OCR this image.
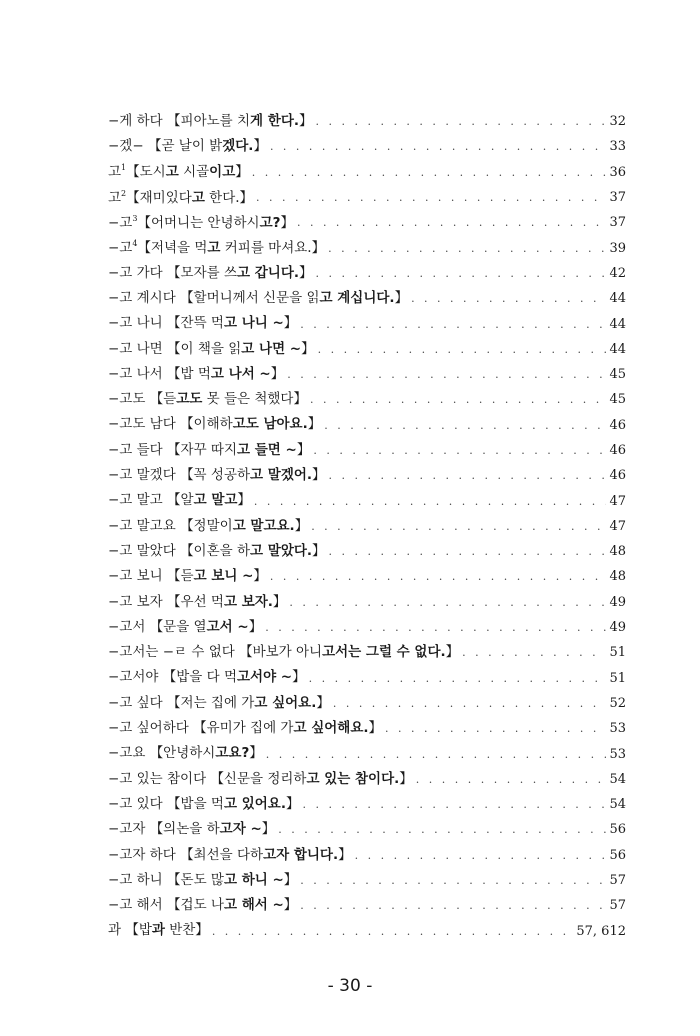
−게 하다 【피아노를 치게 한다.】 . . .	32
−겠− 【곧 날이 밝겠다.】 . . .	33
고$^1$【도시고 시골이고】 . . .	36
고$^2$【재미있다고 한다.】 . . .	37
−고$^3$【어머니는 안녕하시고?】 . . .	37
−고$^4$【저녁을 먹고 커피를 마셔요.】 . . .	39
−고 가다 【모자를 쓰고 갑니다.】 . . .	42
−고 계시다 【할머니께서 신문을 읽고 계십니다.】 . . .	44
−고 나니 【잔뜩 먹고 나니 ~】 . . .	44
−고 나면 【이 책을 읽고 나면 ~】 . . .	44
−고 나서 【밥 먹고 나서 ~】 . . .	45
−고도 【듣고도 못 들은 척했다】 . . .	45
−고도 남다 【이해하고도 남아요.】 . . .	46
−고 들다 【자꾸 따지고 들면 ~】 . . .	46
−고 말겠다 【꼭 성공하고 말겠어.】 . . .	46
−고 말고 【알고 말고】 . . .	47
−고 말고요 【정말이고 말고요.】 . . .	47
−고 말았다 【이혼을 하고 말았다.】 . . .	48
−고 보니 【듣고 보니 ~】 . . .	48
−고 보자 【우선 먹고 보자.】 . . .	49
−고서 【문을 열고서 ~】 . . .	49
−고서는 −ㄹ 수 없다 【바보가 아니고서는 그럴 수 없다.】 . . .	51
−고서야 【밥을 다 먹고서야 ~】 . . .	51
−고 싶다 【저는 집에 가고 싶어요.】 . . .	52
−고 싶어하다 【유미가 집에 가고 싶어해요.】 . . .	53
−고요 【안녕하시고요?】 . . .	53
−고 있는 참이다 【신문을 정리하고 있는 참이다.】 . . .	54
−고 있다 【밥을 먹고 있어요.】 . . .	54
−고자 【의논을 하고자 ~】 . . .	56
−고자 하다 【최선을 다하고자 합니다.】 . . .	56
−고 하니 【돈도 많고 하니 ~】 . . .	57
−고 해서 【겁도 나고 해서 ~】 . . .	57
과 【밥과 반찬】 . . .	57, 612
- 30 -
